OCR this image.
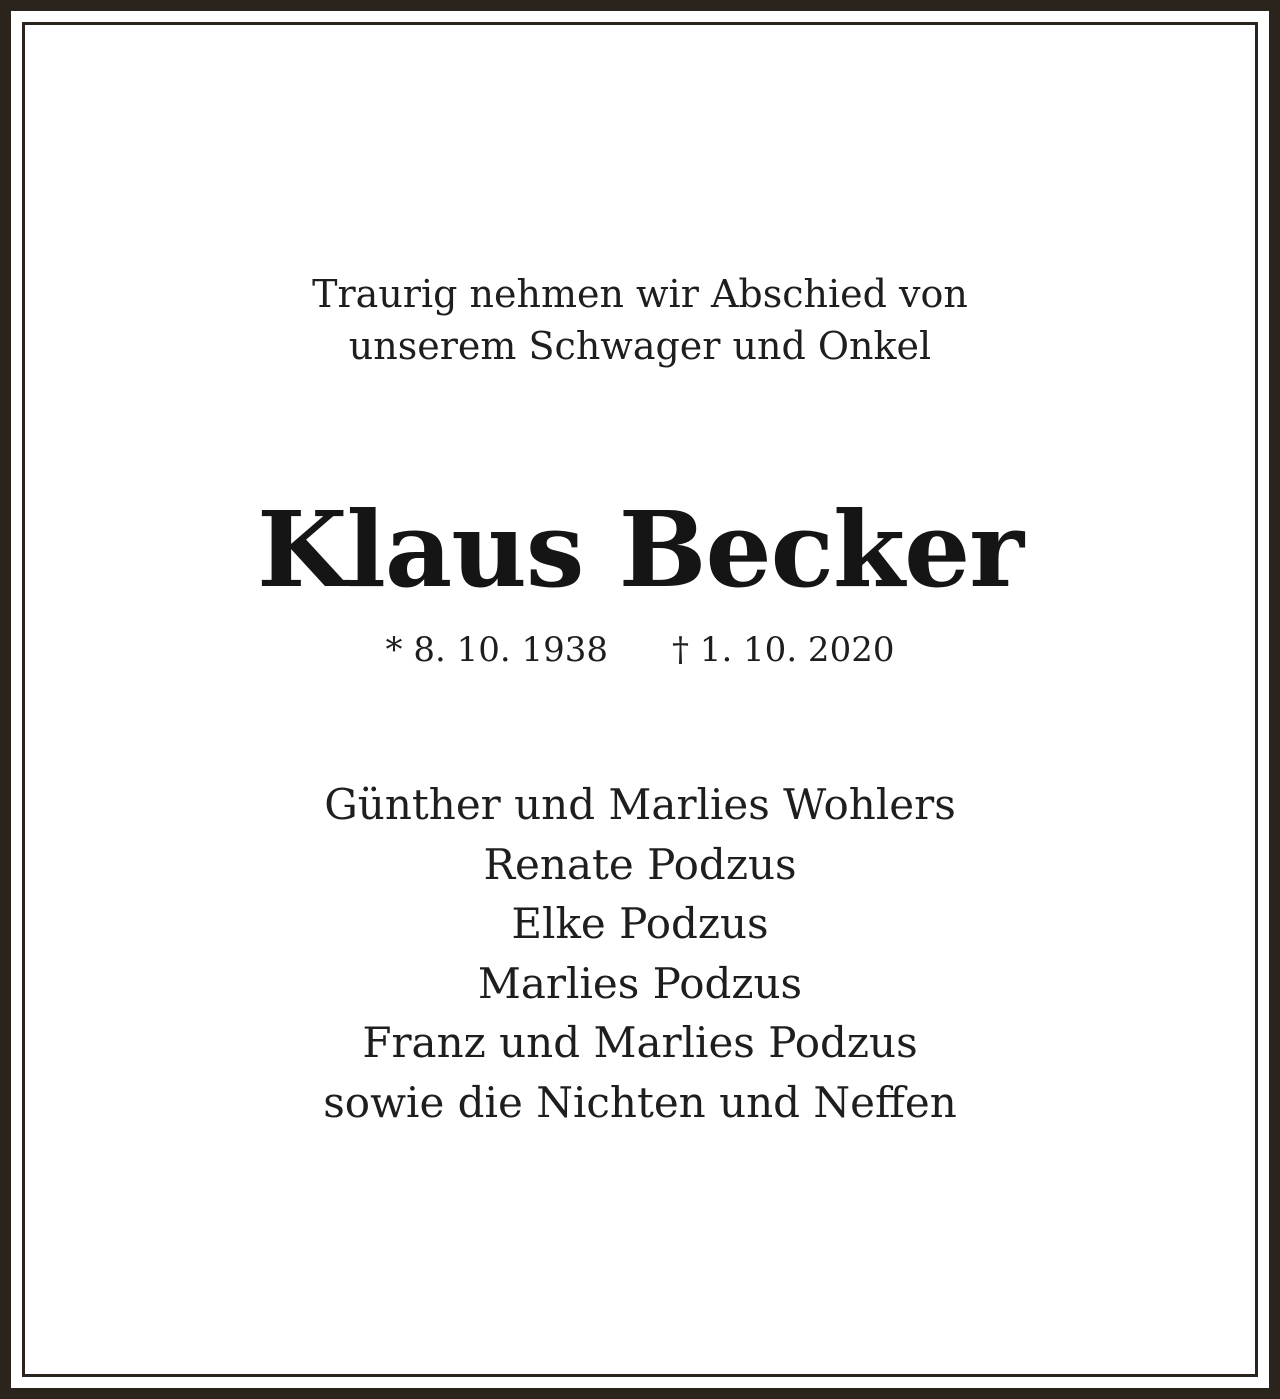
Traurig nehmen wir Abschied von
unserem Schwager und Onkel
Klaus Becker
* 8. 10. 1938 † 1. 10. 2020
Günther und Marlies Wohlers
Renate Podzus
Elke Podzus
Marlies Podzus
Franz und Marlies Podzus
sowie die Nichten und Neffen
